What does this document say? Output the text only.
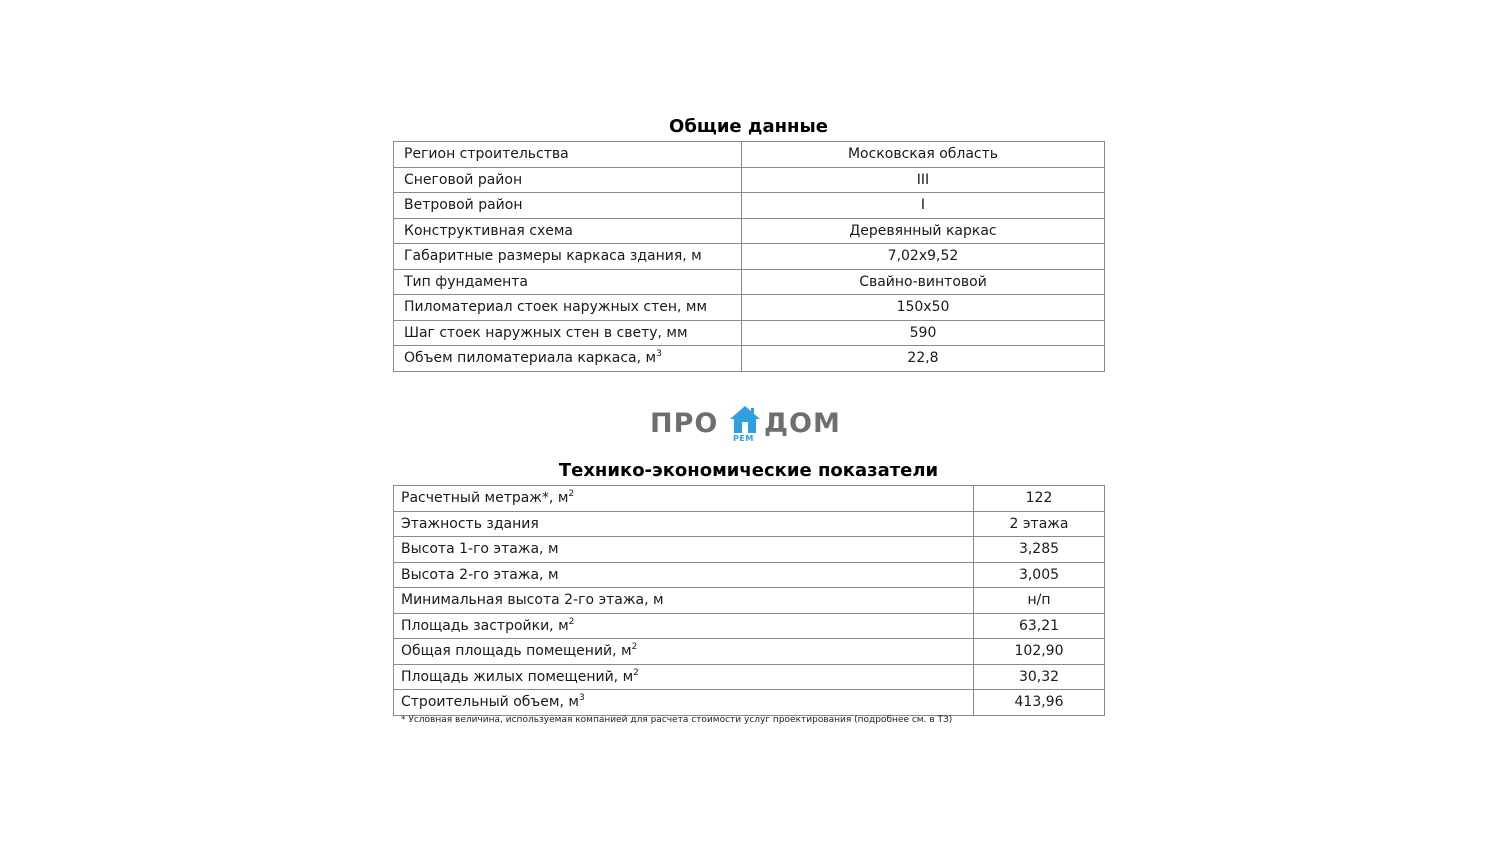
Общие данные
Регион строительства	Московская область
Снеговой район	III
Ветровой район	I
Конструктивная схема	Деревянный каркас
Габаритные размеры каркаса здания, м	7,02x9,52
Тип фундамента	Свайно-винтовой
Пиломатериал стоек наружных стен, мм	150x50
Шаг стоек наружных стен в свету, мм	590
Объем пиломатериала каркаса, $м^3$	22,8
ПРО РЕМ ДОМ
Технико-экономические показатели
Расчетный метраж*, $м^2$	122
Этажность здания	2 этажа
Высота 1-го этажа, м	3,285
Высота 2-го этажа, м	3,005
Минимальная высота 2-го этажа, м	н/п
Площадь застройки, $м^2$	63,21
Общая площадь помещений, $м^2$	102,90
Площадь жилых помещений, $м^2$	30,32
Строительный объем, $м^3$	413,96
* Условная величина, используемая компанией для расчета стоимости услуг проектирования (подробнее см. в ТЗ)
